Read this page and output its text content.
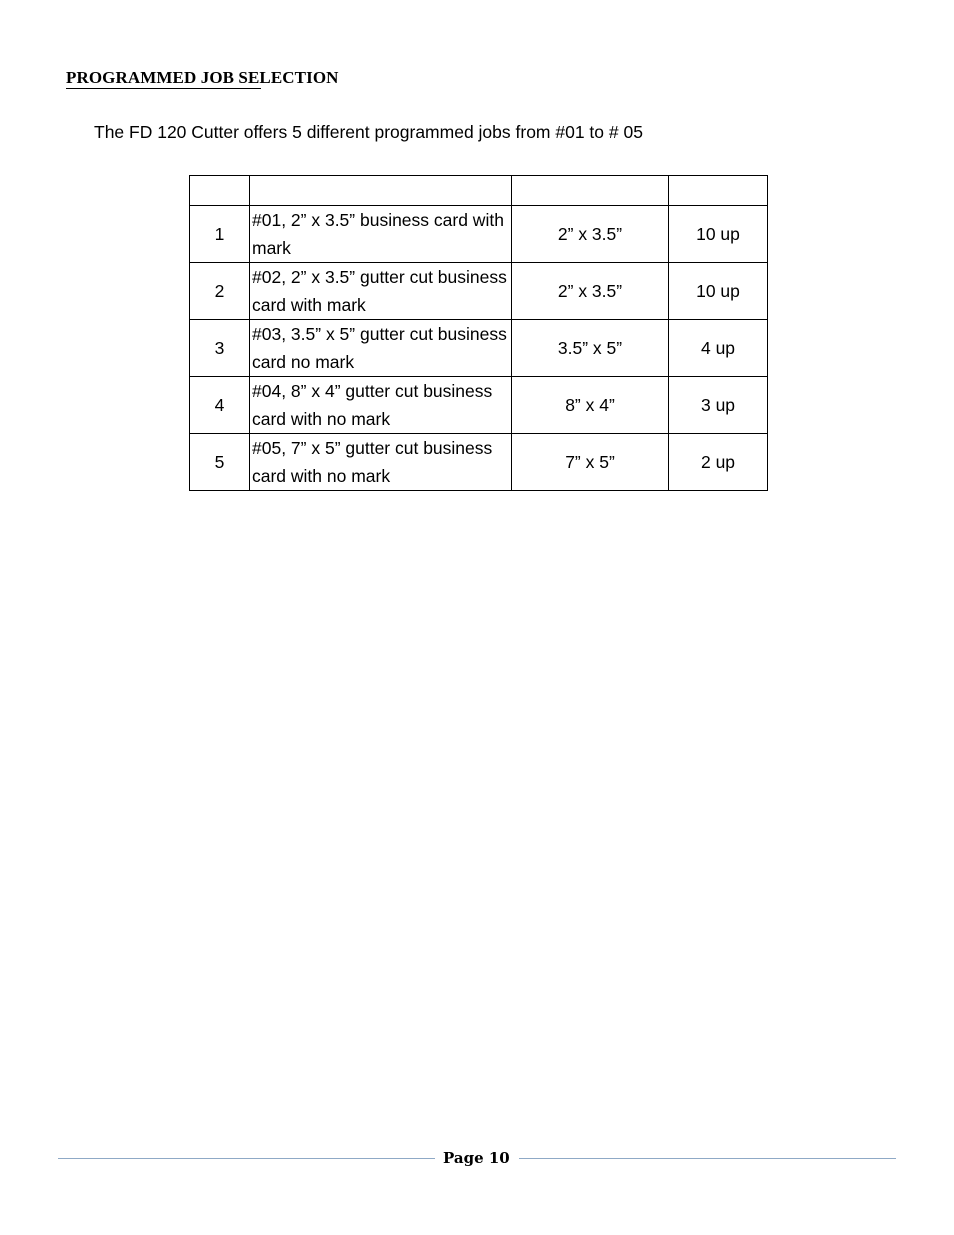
PROGRAMMED JOB SELECTION
The FD 120 Cutter offers 5 different programmed jobs from #01 to # 05

1	#01, 2” x 3.5” business card with mark	2” x 3.5”	10 up
2	#02, 2” x 3.5” gutter cut business card with mark	2” x 3.5”	10 up
3	#03, 3.5” x 5” gutter cut business card no mark	3.5” x 5”	4 up
4	#04, 8” x 4” gutter cut business card with no mark	8” x 4”	3 up
5	#05, 7” x 5” gutter cut business card with no mark	7” x 5”	2 up
Page 10
